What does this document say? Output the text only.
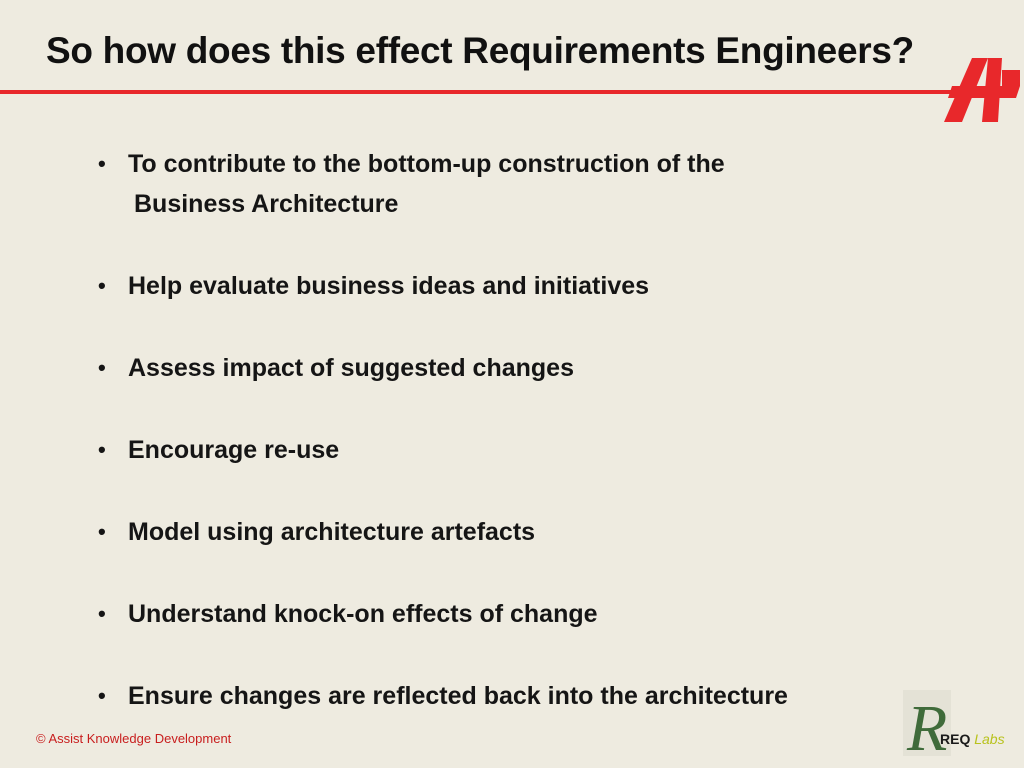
So how does this effect Requirements Engineers?
• To contribute to the bottom-up construction of the
Business Architecture
• Help evaluate business ideas and initiatives
• Assess impact of suggested changes
• Encourage re-use
• Model using architecture artefacts
• Understand knock-on effects of change
• Ensure changes are reflected back into the architecture
© Assist Knowledge Development	R
REQ Labs
